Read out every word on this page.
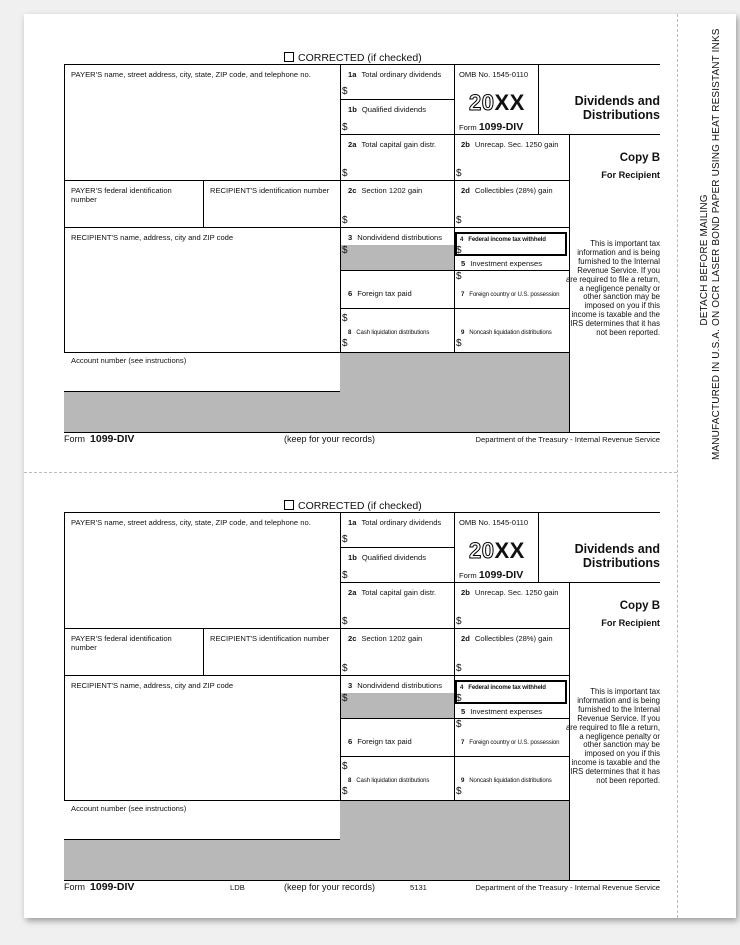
DETACH BEFORE MAILING MANUFACTURED IN U.S.A. ON OCR LASER BOND PAPER USING HEAT RESISTANT INKS
CORRECTED (if checked)
PAYER'S name, street address, city, state, ZIP code, and telephone no.
PAYER'S federal identification number
RECIPIENT'S identification number
RECIPIENT'S name, address, city and ZIP code
Account number (see instructions)
1a Total ordinary dividends
$
1b Qualified dividends
$
OMB No. 1545-0110
20XX
Form 1099-DIV
Dividends and Distributions
2a Total capital gain distr.
$
2b Unrecap. Sec. 1250 gain
$
Copy B
For Recipient
2c Section 1202 gain
$
2d Collectibles (28%) gain
$
3 Nondividend distributions
$
4 Federal income tax withheld
$
5 Investment expenses
$
6 Foreign tax paid
$
7 Foreign country or U.S. possession
8 Cash liquidation distributions
$
9 Noncash liquidation distributions
$
This is important tax information and is being furnished to the Internal Revenue Service. If you are required to file a return, a negligence penalty or other sanction may be imposed on you if this income is taxable and the IRS determines that it has not been reported.
Form 1099-DIV	(keep for your records)	Department of the Treasury - Internal Revenue Service
CORRECTED (if checked)
PAYER'S name, street address, city, state, ZIP code, and telephone no.
PAYER'S federal identification number
RECIPIENT'S identification number
RECIPIENT'S name, address, city and ZIP code
Account number (see instructions)
1a Total ordinary dividends
$
1b Qualified dividends
$
OMB No. 1545-0110
20XX
Form 1099-DIV
Dividends and Distributions
2a Total capital gain distr.
$
2b Unrecap. Sec. 1250 gain
$
Copy B
For Recipient
2c Section 1202 gain
$
2d Collectibles (28%) gain
$
3 Nondividend distributions
$
4 Federal income tax withheld
$
5 Investment expenses
$
6 Foreign tax paid
$
7 Foreign country or U.S. possession
8 Cash liquidation distributions
$
9 Noncash liquidation distributions
$
This is important tax information and is being furnished to the Internal Revenue Service. If you are required to file a return, a negligence penalty or other sanction may be imposed on you if this income is taxable and the IRS determines that it has not been reported.
Form 1099-DIV	LDB	(keep for your records)	5131	Department of the Treasury - Internal Revenue Service
